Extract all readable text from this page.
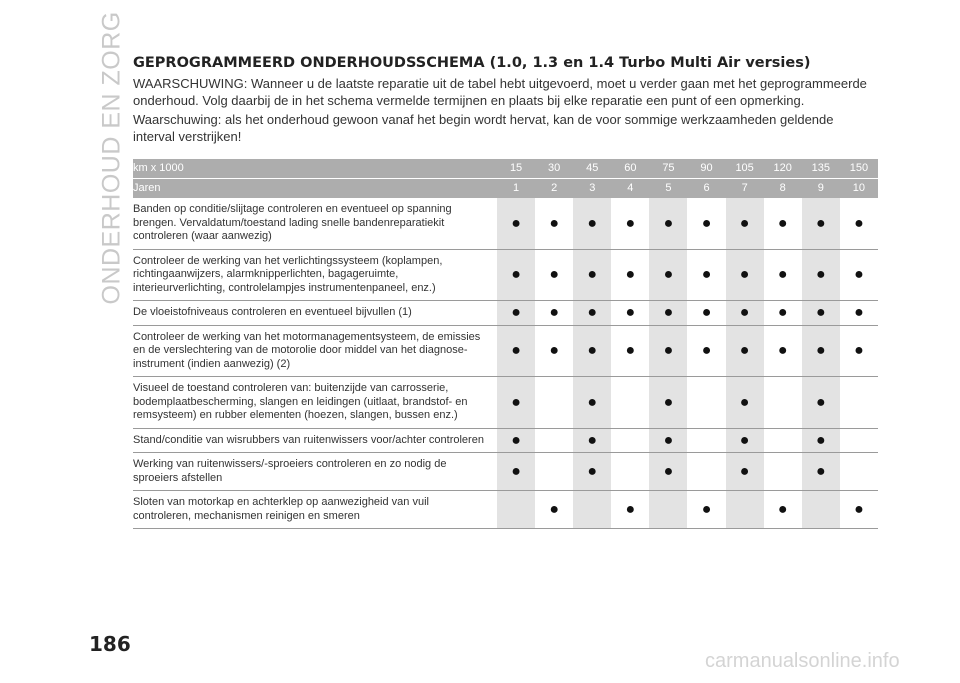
ONDERHOUD EN ZORG GEPROGRAMMEERD ONDERHOUDSSCHEMA (1.0, 1.3 en 1.4 Turbo Multi Air versies)

WAARSCHUWING: Wanneer u de laatste reparatie uit de tabel hebt uitgevoerd, moet u verder gaan met het geprogrammeerde onderhoud. Volg daarbij de in het schema vermelde termijnen en plaats bij elke reparatie een punt of een opmerking.

Waarschuwing: als het onderhoud gewoon vanaf het begin wordt hervat, kan de voor sommige werkzaamheden geldende interval verstrijken!

km x 1000	15	30	45	60	75	90	105	120	135	150
Jaren	1	2	3	4	5	6	7	8	9	10
Banden op conditie/slijtage controleren en eventueel op spanning brengen. Vervaldatum/toestand lading snelle bandenreparatiekit controleren (waar aanwezig)	●	●	●	●	●	●	●	●	●	●
Controleer de werking van het verlichtingssysteem (koplampen, richtingaanwijzers, alarmknipperlichten, bagageruimte, interieurverlichting, controlelampjes instrumentenpaneel, enz.)	●	●	●	●	●	●	●	●	●	●
De vloeistofniveaus controleren en eventueel bijvullen (1)	●	●	●	●	●	●	●	●	●	●
Controleer de werking van het motormanagementsysteem, de emissies en de verslechtering van de motorolie door middel van het diagnose-instrument (indien aanwezig) (2)	●	●	●	●	●	●	●	●	●	●
Visueel de toestand controleren van: buitenzijde van carrosserie, bodemplaatbescherming, slangen en leidingen (uitlaat, brandstof- en remsysteem) en rubber elementen (hoezen, slangen, bussen enz.)	●		●		●		●		●	
Stand/conditie van wisrubbers van ruitenwissers voor/achter controleren	●		●		●		●		●	
Werking van ruitenwissers/-sproeiers controleren en zo nodig de sproeiers afstellen	●		●		●		●		●	
Sloten van motorkap en achterklep op aanwezigheid van vuil controleren, mechanismen reinigen en smeren		●		●		●		●		●
186
carmanualsonline.info
